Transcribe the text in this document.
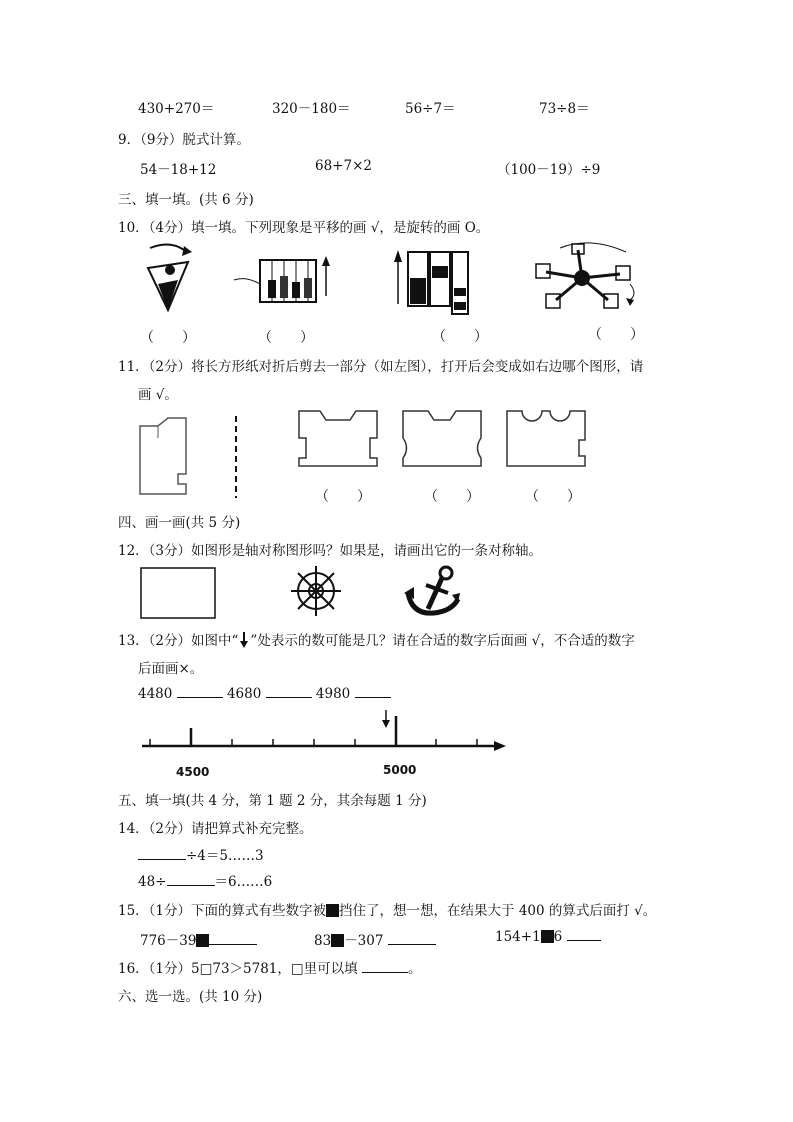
430+270＝	320－180＝	56÷7＝	73÷8＝
9．（9分）脱式计算。
54－18+12	68+7×2	（100－19）÷9
三、填一填。(共 6 分)
10．（4分）填一填。下列现象是平移的画 √，是旋转的画 O。
（　　）	（　　）	（　　）	（　　）
11．（2分）将长方形纸对折后剪去一部分（如左图），打开后会变成如右边哪个图形，请
画 √。
（　　）	（　　）	（　　）
四、画一画(共 5 分)
12．（3分）如图形是轴对称图形吗？如果是，请画出它的一条对称轴。
13．（2分）如图中“ ”处表示的数可能是几？请在合适的数字后面画 √，不合适的数字
后面画×。
4480	4680	4980
4500	5000
五、填一填(共 4 分，第 1 题 2 分，其余每题 1 分)
14．（2分）请把算式补充完整。
÷4＝5……3
48÷	＝6……6
15．（1分）下面的算式有些数字被 挡住了，想一想，在结果大于 400 的算式后面打 √。
776－39	83 －307	154+1 6
16．（1分）5□73＞5781，□里可以填	。
六、选一选。(共 10 分)
